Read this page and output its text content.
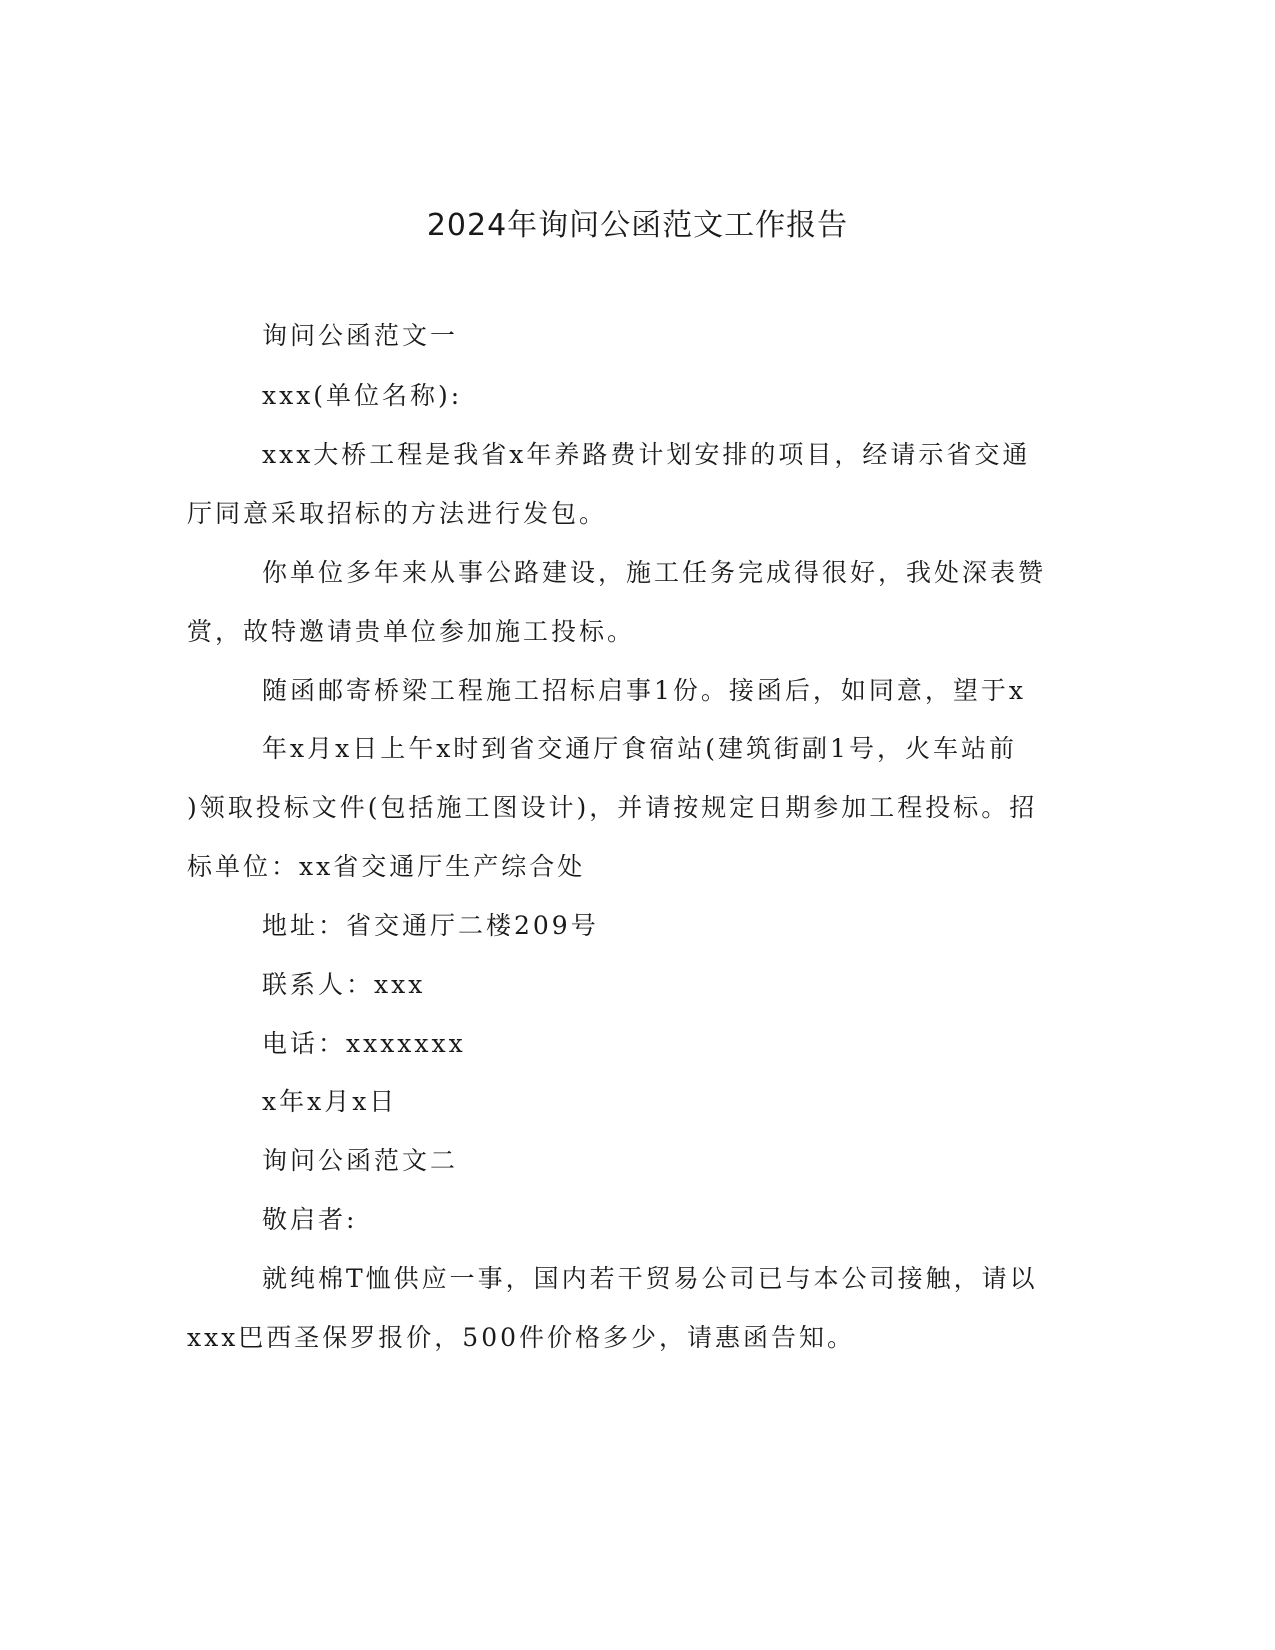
2024年询问公函范文工作报告
询问公函范文一
xxx(单位名称):
xxx大桥工程是我省x年养路费计划安排的项目，经请示省交通
厅同意采取招标的方法进行发包。
你单位多年来从事公路建设，施工任务完成得很好，我处深表赞
赏，故特邀请贵单位参加施工投标。
随函邮寄桥梁工程施工招标启事1份。接函后，如同意，望于x
年x月x日上午x时到省交通厅食宿站(建筑街副1号，火车站前
)领取投标文件(包括施工图设计)，并请按规定日期参加工程投标。招
标单位：xx省交通厅生产综合处
地址：省交通厅二楼209号
联系人：xxx
电话：xxxxxxx
x年x月x日
询问公函范文二
敬启者:
就纯棉T恤供应一事，国内若干贸易公司已与本公司接触，请以
xxx巴西圣保罗报价，500件价格多少，请惠函告知。
